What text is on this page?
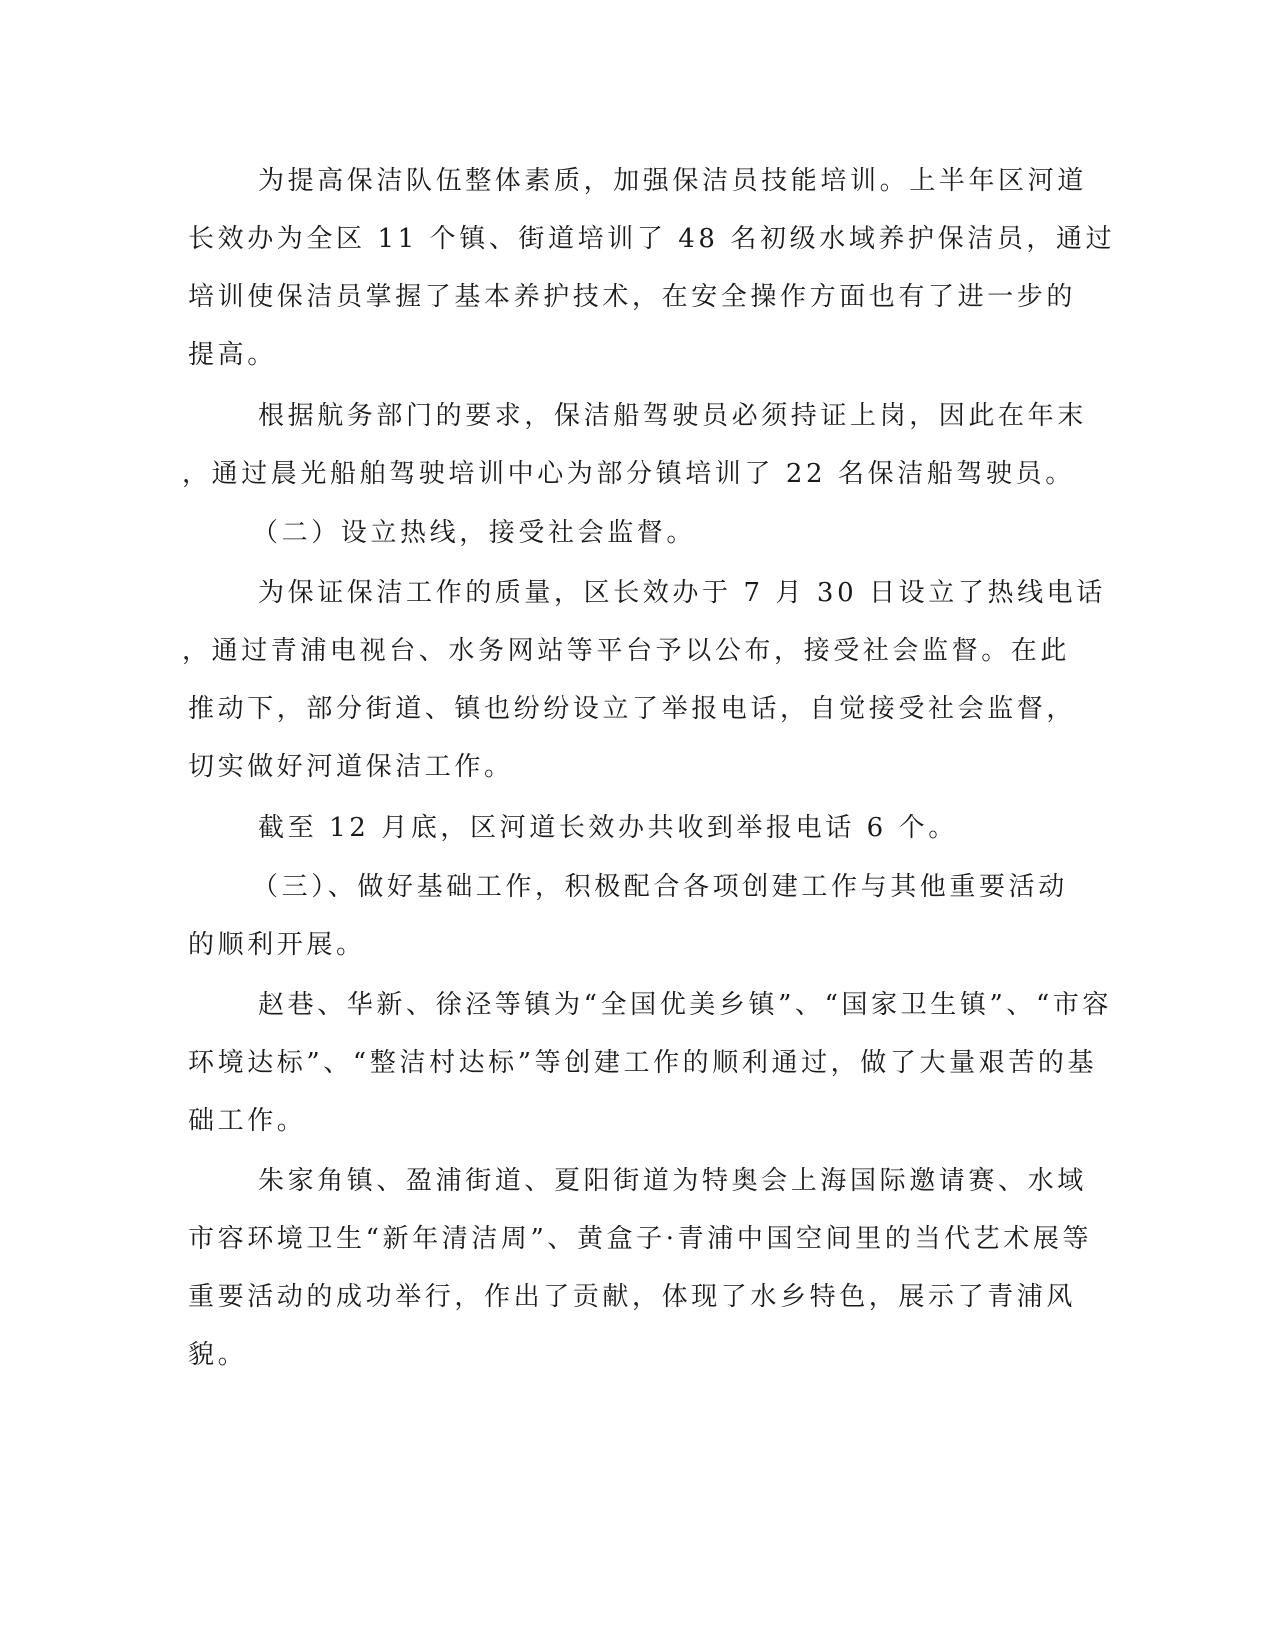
为提高保洁队伍整体素质，加强保洁员技能培训。上半年区河道
长效办为全区 11 个镇、街道培训了 48 名初级水域养护保洁员，通过
培训使保洁员掌握了基本养护技术，在安全操作方面也有了进一步的
提高。
根据航务部门的要求，保洁船驾驶员必须持证上岗，因此在年末
，通过晨光船舶驾驶培训中心为部分镇培训了 22 名保洁船驾驶员。
（二）设立热线，接受社会监督。
为保证保洁工作的质量，区长效办于 7 月 30 日设立了热线电话
，通过青浦电视台、水务网站等平台予以公布，接受社会监督。在此
推动下，部分街道、镇也纷纷设立了举报电话，自觉接受社会监督，
切实做好河道保洁工作。
截至 12 月底，区河道长效办共收到举报电话 6 个。
（三）、做好基础工作，积极配合各项创建工作与其他重要活动
的顺利开展。
赵巷、华新、徐泾等镇为“全国优美乡镇”、“国家卫生镇”、“市容
环境达标”、“整洁村达标”等创建工作的顺利通过，做了大量艰苦的基
础工作。
朱家角镇、盈浦街道、夏阳街道为特奥会上海国际邀请赛、水域
市容环境卫生“新年清洁周”、黄盒子·青浦中国空间里的当代艺术展等
重要活动的成功举行，作出了贡献，体现了水乡特色，展示了青浦风
貌。
